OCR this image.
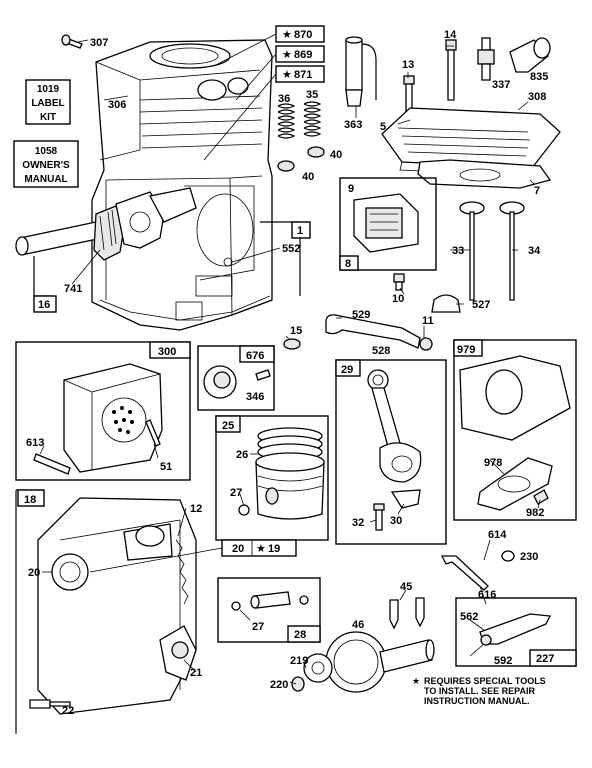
1019
LABEL
KIT
1058
OWNER'S
MANUAL
★ 870
★ 869
★ 871
20 ★ 19
307
306
363
14
337
835
13
308
36 35
5
40
40
7
9
1
552
741
16
8
33	34
10	527
529	11
15
528
300	676
346
979
29
613
51
25
26
27
978
982
32 30
18
12
20
614
230
616
45
27
28
46
562
592 227
219
220
21
22
★ REQUIRES SPECIAL TOOLS
TO INSTALL. SEE REPAIR
INSTRUCTION MANUAL.
